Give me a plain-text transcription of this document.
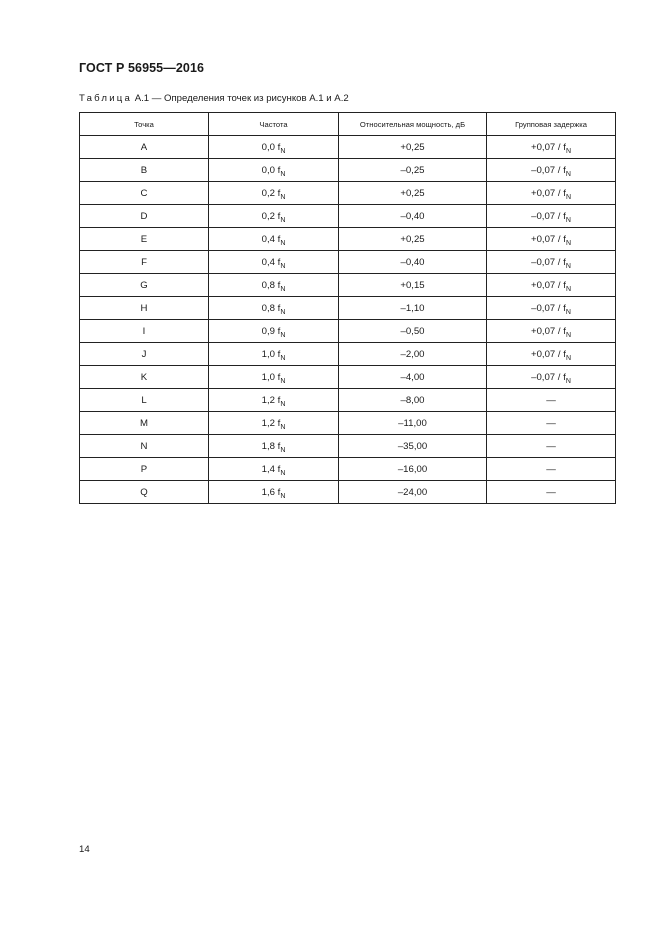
ГОСТ Р 56955—2016
Таблица А.1 — Определения точек из рисунков А.1 и А.2
Точка	Частота	Относительная мощность, дБ	Групповая задержка
A	0,0 $f_N$	+0,25	$+0,07 / f_N$
B	0,0 $f_N$	–0,25	$-0,07 / f_N$
C	0,2 $f_N$	+0,25	$+0,07 / f_N$
D	0,2 $f_N$	–0,40	$-0,07 / f_N$
E	0,4 $f_N$	+0,25	$+0,07 / f_N$
F	0,4 $f_N$	–0,40	$-0,07 / f_N$
G	0,8 $f_N$	+0,15	$+0,07 / f_N$
H	0,8 $f_N$	–1,10	$-0,07 / f_N$
I	0,9 $f_N$	–0,50	$+0,07 / f_N$
J	1,0 $f_N$	–2,00	$+0,07 / f_N$
K	1,0 $f_N$	–4,00	$-0,07 / f_N$
L	1,2 $f_N$	–8,00	—
M	1,2 $f_N$	–11,00	—
N	1,8 $f_N$	–35,00	—
P	1,4 $f_N$	–16,00	—
Q	1,6 $f_N$	–24,00	—
14
